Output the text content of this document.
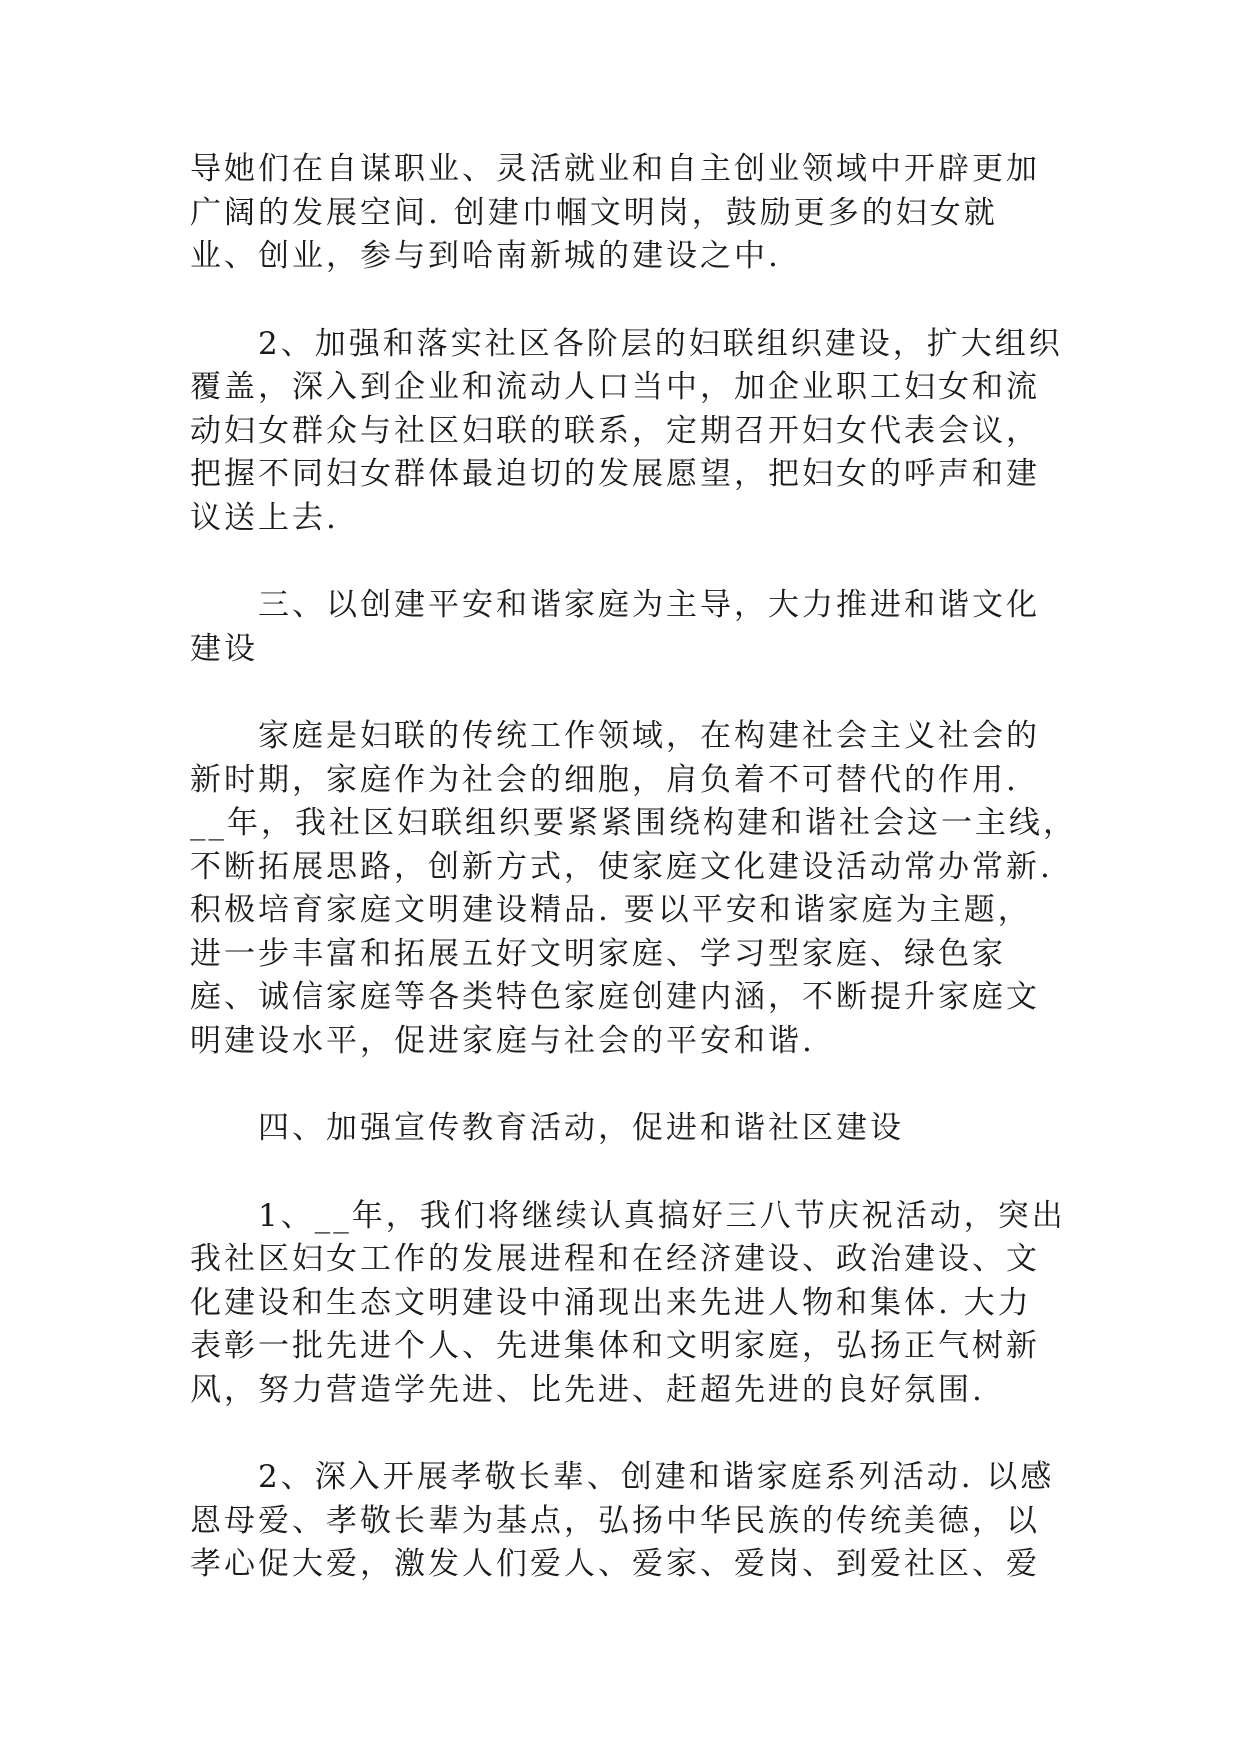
导她们在自谋职业、灵活就业和自主创业领域中开辟更加
广阔的发展空间. 创建巾帼文明岗，鼓励更多的妇女就
业、创业，参与到哈南新城的建设之中.
　　2、加强和落实社区各阶层的妇联组织建设，扩大组织
覆盖，深入到企业和流动人口当中，加企业职工妇女和流
动妇女群众与社区妇联的联系，定期召开妇女代表会议，
把握不同妇女群体最迫切的发展愿望，把妇女的呼声和建
议送上去.
　　三、以创建平安和谐家庭为主导，大力推进和谐文化
建设
　　家庭是妇联的传统工作领域，在构建社会主义社会的
新时期，家庭作为社会的细胞，肩负着不可替代的作用.
__年，我社区妇联组织要紧紧围绕构建和谐社会这一主线，
不断拓展思路，创新方式，使家庭文化建设活动常办常新.
积极培育家庭文明建设精品. 要以平安和谐家庭为主题，
进一步丰富和拓展五好文明家庭、学习型家庭、绿色家
庭、诚信家庭等各类特色家庭创建内涵，不断提升家庭文
明建设水平，促进家庭与社会的平安和谐.
　　四、加强宣传教育活动，促进和谐社区建设
　　1、__年，我们将继续认真搞好三八节庆祝活动，突出
我社区妇女工作的发展进程和在经济建设、政治建设、文
化建设和生态文明建设中涌现出来先进人物和集体. 大力
表彰一批先进个人、先进集体和文明家庭，弘扬正气树新
风，努力营造学先进、比先进、赶超先进的良好氛围.
　　2、深入开展孝敬长辈、创建和谐家庭系列活动. 以感
恩母爱、孝敬长辈为基点，弘扬中华民族的传统美德，以
孝心促大爱，激发人们爱人、爱家、爱岗、到爱社区、爱
